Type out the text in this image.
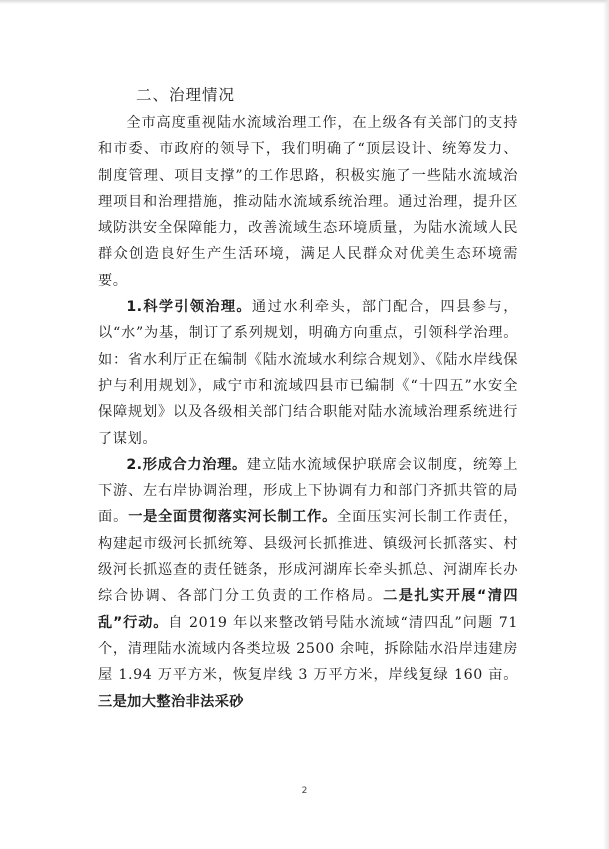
二、治理情况

全市高度重视陆水流域治理工作，在上级各有关部门的支持和市委、市政府的领导下，我们明确了“顶层设计、统筹发力、制度管理、项目支撑”的工作思路，积极实施了一些陆水流域治理项目和治理措施，推动陆水流域系统治理。通过治理，提升区域防洪安全保障能力，改善流域生态环境质量，为陆水流域人民群众创造良好生产生活环境，满足人民群众对优美生态环境需要。

1.科学引领治理。通过水利牵头，部门配合，四县参与，以“水”为基，制订了系列规划，明确方向重点，引领科学治理。如：省水利厅正在编制《陆水流域水利综合规划》、《陆水岸线保护与利用规划》，咸宁市和流域四县市已编制《“十四五”水安全保障规划》以及各级相关部门结合职能对陆水流域治理系统进行了谋划。

2.形成合力治理。建立陆水流域保护联席会议制度，统筹上下游、左右岸协调治理，形成上下协调有力和部门齐抓共管的局面。一是全面贯彻落实河长制工作。全面压实河长制工作责任，构建起市级河长抓统筹、县级河长抓推进、镇级河长抓落实、村级河长抓巡查的责任链条，形成河湖库长牵头抓总、河湖库长办综合协调、各部门分工负责的工作格局。二是扎实开展“清四乱”行动。自 2019 年以来整改销号陆水流域“清四乱”问题 71 个，清理陆水流域内各类垃圾 2500 余吨，拆除陆水沿岸违建房屋 1.94 万平方米，恢复岸线 3 万平方米，岸线复绿 160 亩。三是加大整治非法采砂

2
